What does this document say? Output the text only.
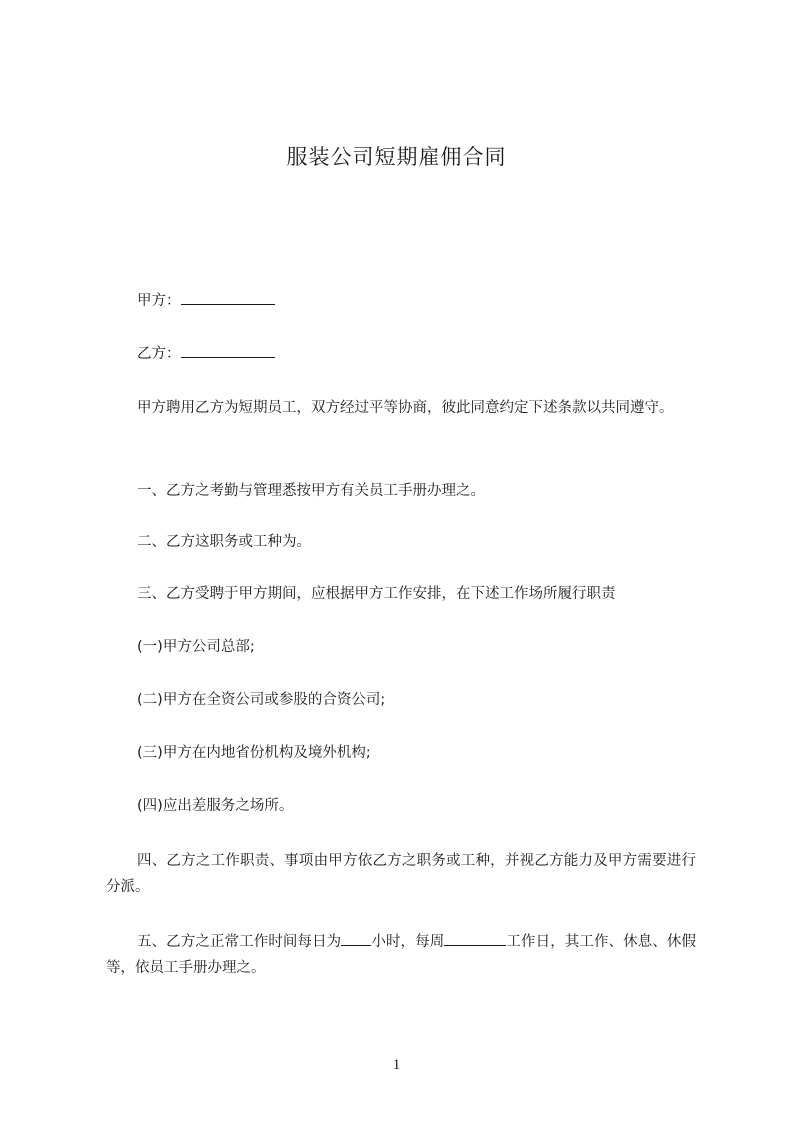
服装公司短期雇佣合同

甲方：

乙方：

甲方聘用乙方为短期员工，双方经过平等协商，彼此同意约定下述条款以共同遵守。

一、乙方之考勤与管理悉按甲方有关员工手册办理之。

二、乙方这职务或工种为。

三、乙方受聘于甲方期间，应根据甲方工作安排，在下述工作场所履行职责

(一)甲方公司总部;

(二)甲方在全资公司或参股的合资公司;

(三)甲方在内地省份机构及境外机构;

(四)应出差服务之场所。

四、乙方之工作职责、事项由甲方依乙方之职务或工种，并视乙方能力及甲方需要进行分派。

五、乙方之正常工作时间每日为 小时，每周	工作日，其工作、休息、休假等，依员工手册办理之。

1
